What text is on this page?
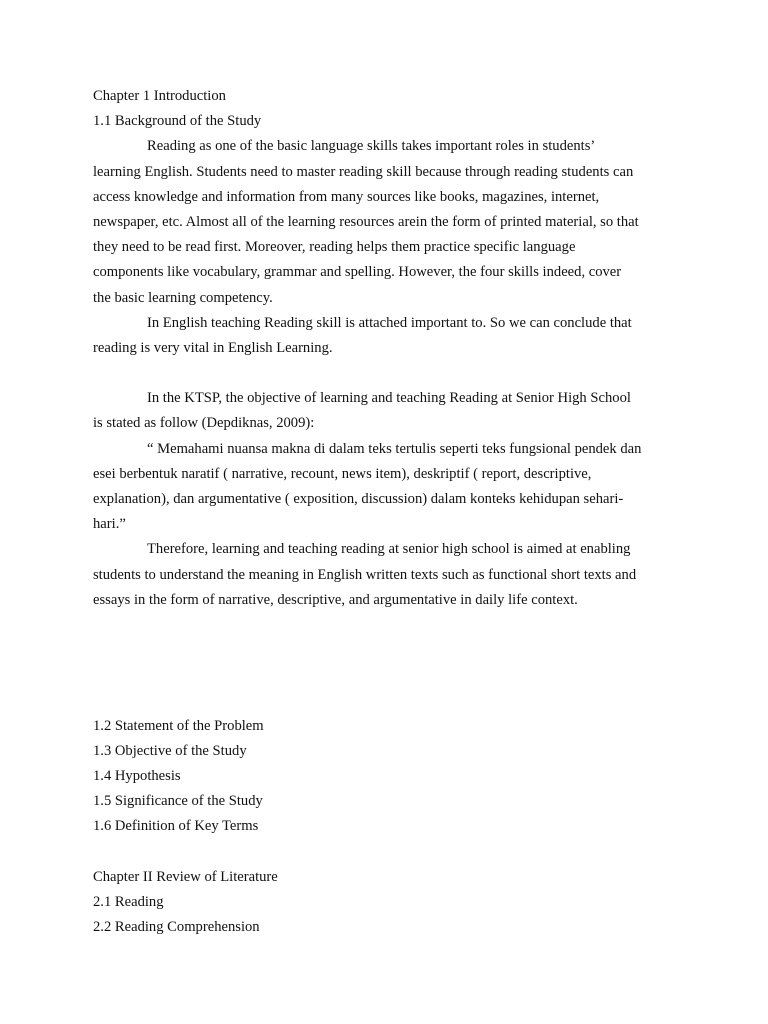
Chapter 1 Introduction
1.1 Background of the Study
Reading as one of the basic language skills takes important roles in students’
learning English. Students need to master reading skill because through reading students can
access knowledge and information from many sources like books, magazines, internet,
newspaper, etc. Almost all of the learning resources arein the form of printed material, so that
they need to be read first. Moreover, reading helps them practice specific language
components like vocabulary, grammar and spelling. However, the four skills indeed, cover
the basic learning competency.
In English teaching Reading skill is attached important to. So we can conclude that
reading is very vital in English Learning.
In the KTSP, the objective of learning and teaching Reading at Senior High School
is stated as follow (Depdiknas, 2009):
“ Memahami nuansa makna di dalam teks tertulis seperti teks fungsional pendek dan
esei berbentuk naratif ( narrative, recount, news item), deskriptif ( report, descriptive,
explanation), dan argumentative ( exposition, discussion) dalam konteks kehidupan sehari-
hari.”
Therefore, learning and teaching reading at senior high school is aimed at enabling
students to understand the meaning in English written texts such as functional short texts and
essays in the form of narrative, descriptive, and argumentative in daily life context.
1.2 Statement of the Problem
1.3 Objective of the Study
1.4 Hypothesis
1.5 Significance of the Study
1.6 Definition of Key Terms
Chapter II Review of Literature
2.1 Reading
2.2 Reading Comprehension
